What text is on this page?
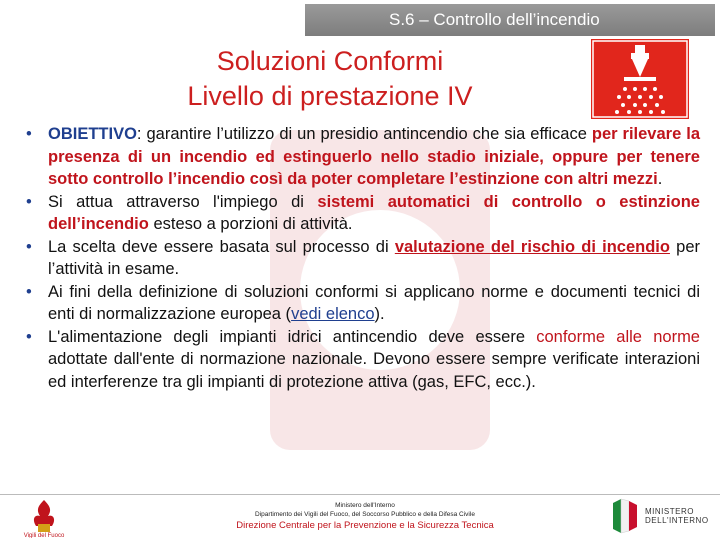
S.6 – Controllo dell’incendio
Soluzioni Conformi
Livello di prestazione IV
• OBIETTIVO: garantire l’utilizzo di un presidio antincendio che sia efficace per rilevare la presenza di un incendio ed estinguerlo nello stadio iniziale, oppure per tenere sotto controllo l’incendio così da poter completare l’estinzione con altri mezzi.
• Si attua attraverso l'impiego di sistemi automatici di controllo o estinzione dell’incendio esteso a porzioni di attività.
• La scelta deve essere basata sul processo di valutazione del rischio di incendio per l’attività in esame.
• Ai fini della definizione di soluzioni conformi si applicano norme e documenti tecnici di enti di normalizzazione europea (vedi elenco).
• L'alimentazione degli impianti idrici antincendio deve essere conforme alle norme adottate dall'ente di normazione nazionale. Devono essere sempre verificate interazioni ed interferenze tra gli impianti di protezione attiva (gas, EFC, ecc.).
Vigili del Fuoco
Ministero dell'Interno
Dipartimento dei Vigili del Fuoco, del Soccorso Pubblico e della Difesa Civile
Direzione Centrale per la Prevenzione e la Sicurezza Tecnica
MINISTERO
DELL'INTERNO
